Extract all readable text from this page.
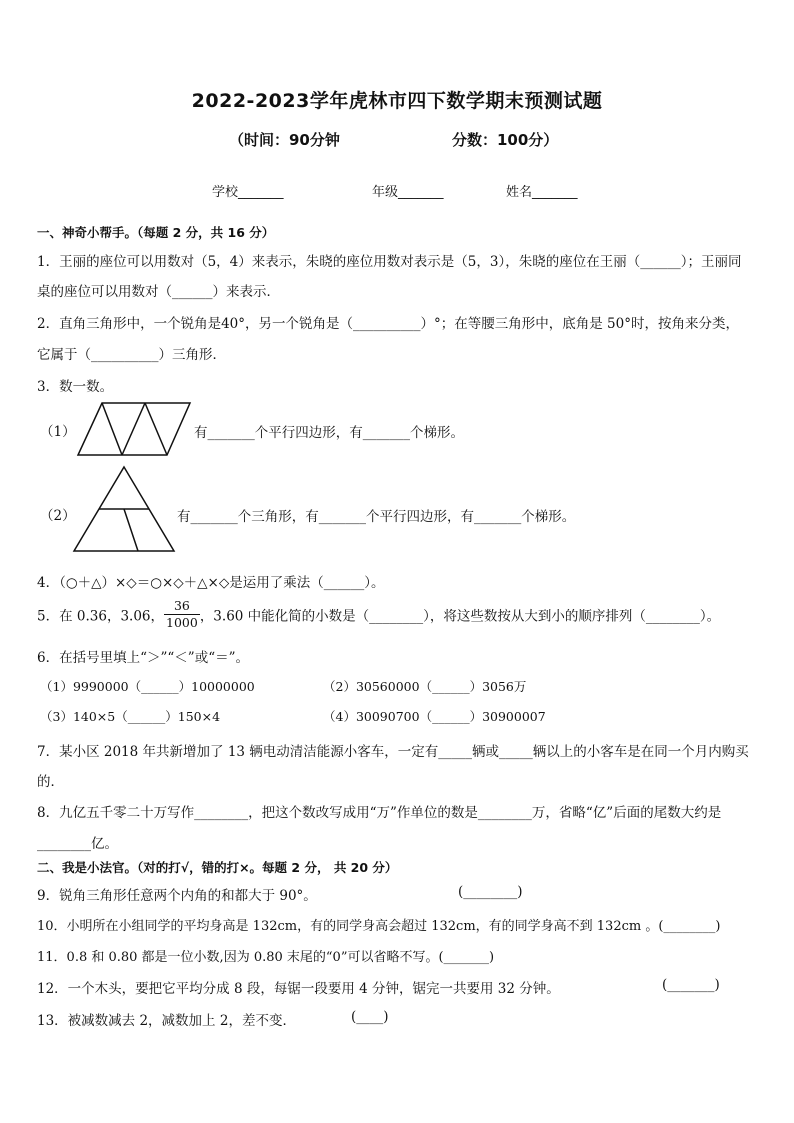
2022-2023学年虎林市四下数学期末预测试题
（时间：90分钟	分数：100分）
学校_______	年级_______	姓名_______
一、神奇小帮手。（每题 2 分，共 16 分）
1．王丽的座位可以用数对（5，4）来表示，朱晓的座位用数对表示是（5，3），朱晓的座位在王丽（______）；王丽同
桌的座位可以用数对（______）来表示．
2．直角三角形中，一个锐角是40°，另一个锐角是（__________）°；在等腰三角形中，底角是 50°时，按角来分类，
它属于（__________）三角形．
3．数一数。
（1）	有_______个平行四边形，有_______个梯形。
（2）	有_______个三角形，有_______个平行四边形，有_______个梯形。
4．（○＋△）×◇＝○×◇＋△×◇是运用了乘法（______）。
5．在 0.36，3.06， $\frac{36}{1000}$ ，3.60 中能化简的小数是（________），将这些数按从大到小的顺序排列（________）。
6．在括号里填上“＞”“＜”或“＝”。
（1）9990000（______）10000000	（2）30560000（______）3056万
（3）140×5（______）150×4	（4）30090700（______）30900007
7．某小区 2018 年共新增加了 13 辆电动清洁能源小客车，一定有_____辆或_____辆以上的小客车是在同一个月内购买
的．
8．九亿五千零二十万写作________，把这个数改写成用“万”作单位的数是________万，省略“亿”后面的尾数大约是
________亿。
二、我是小法官。（对的打√，错的打×。每题 2 分， 共 20 分）
9．锐角三角形任意两个内角的和都大于 90°。	(________)
10．小明所在小组同学的平均身高是 132cm，有的同学身高会超过 132cm，有的同学身高不到 132cm 。(________)
11．0.8 和 0.80 都是一位小数,因为 0.80 末尾的“0”可以省略不写。(_______)
12．一个木头，要把它平均分成 8 段，每锯一段要用 4 分钟，锯完一共要用 32 分钟。	(_______)
13．被减数减去 2，减数加上 2，差不变．	(____)
